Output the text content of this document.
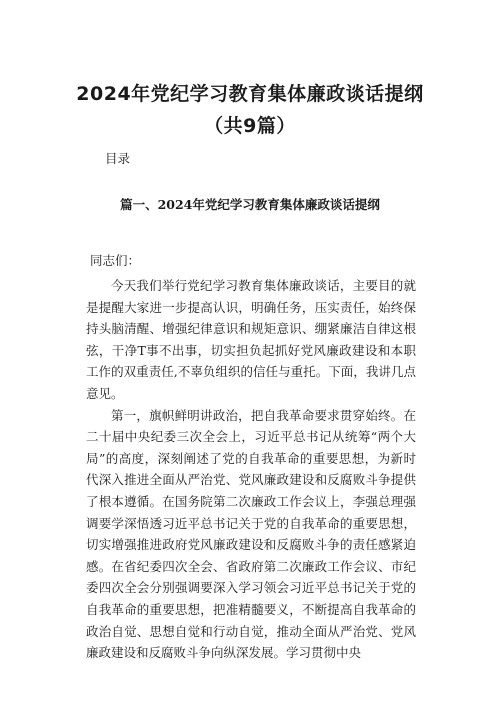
2024年党纪学习教育集体廉政谈话提纲（共9篇）

目录

篇一、2024年党纪学习教育集体廉政谈话提纲

同志们：

今天我们举行党纪学习教育集体廉政谈话，主要目的就是提醒大家进一步提高认识，明确任务，压实责任，始终保持头脑清醒、增强纪律意识和规矩意识、绷紧廉洁自律这根弦，干净T事不出事，切实担负起抓好党风廉政建设和本职工作的双重责任,不辜负组织的信任与重托。下面，我讲几点意见。

第一，旗帜鲜明讲政治，把自我革命要求贯穿始终。在二十届中央纪委三次全会上，习近平总书记从统筹“两个大局”的高度，深刻阐述了党的自我革命的重要思想，为新时代深入推进全面从严治党、党风廉政建设和反腐败斗争提供了根本遵循。在国务院第二次廉政工作会议上，李强总理强调要学深悟透习近平总书记关于党的自我革命的重要思想，切实增强推进政府党风廉政建设和反腐败斗争的责任感紧迫感。在省纪委四次全会、省政府第二次廉政工作会议、市纪委四次全会分别强调要深入学习领会习近平总书记关于党的自我革命的重要思想，把准精髓要义，不断提高自我革命的政治自觉、思想自觉和行动自觉，推动全面从严治党、党风廉政建设和反腐败斗争向纵深发展。学习贯彻中央
